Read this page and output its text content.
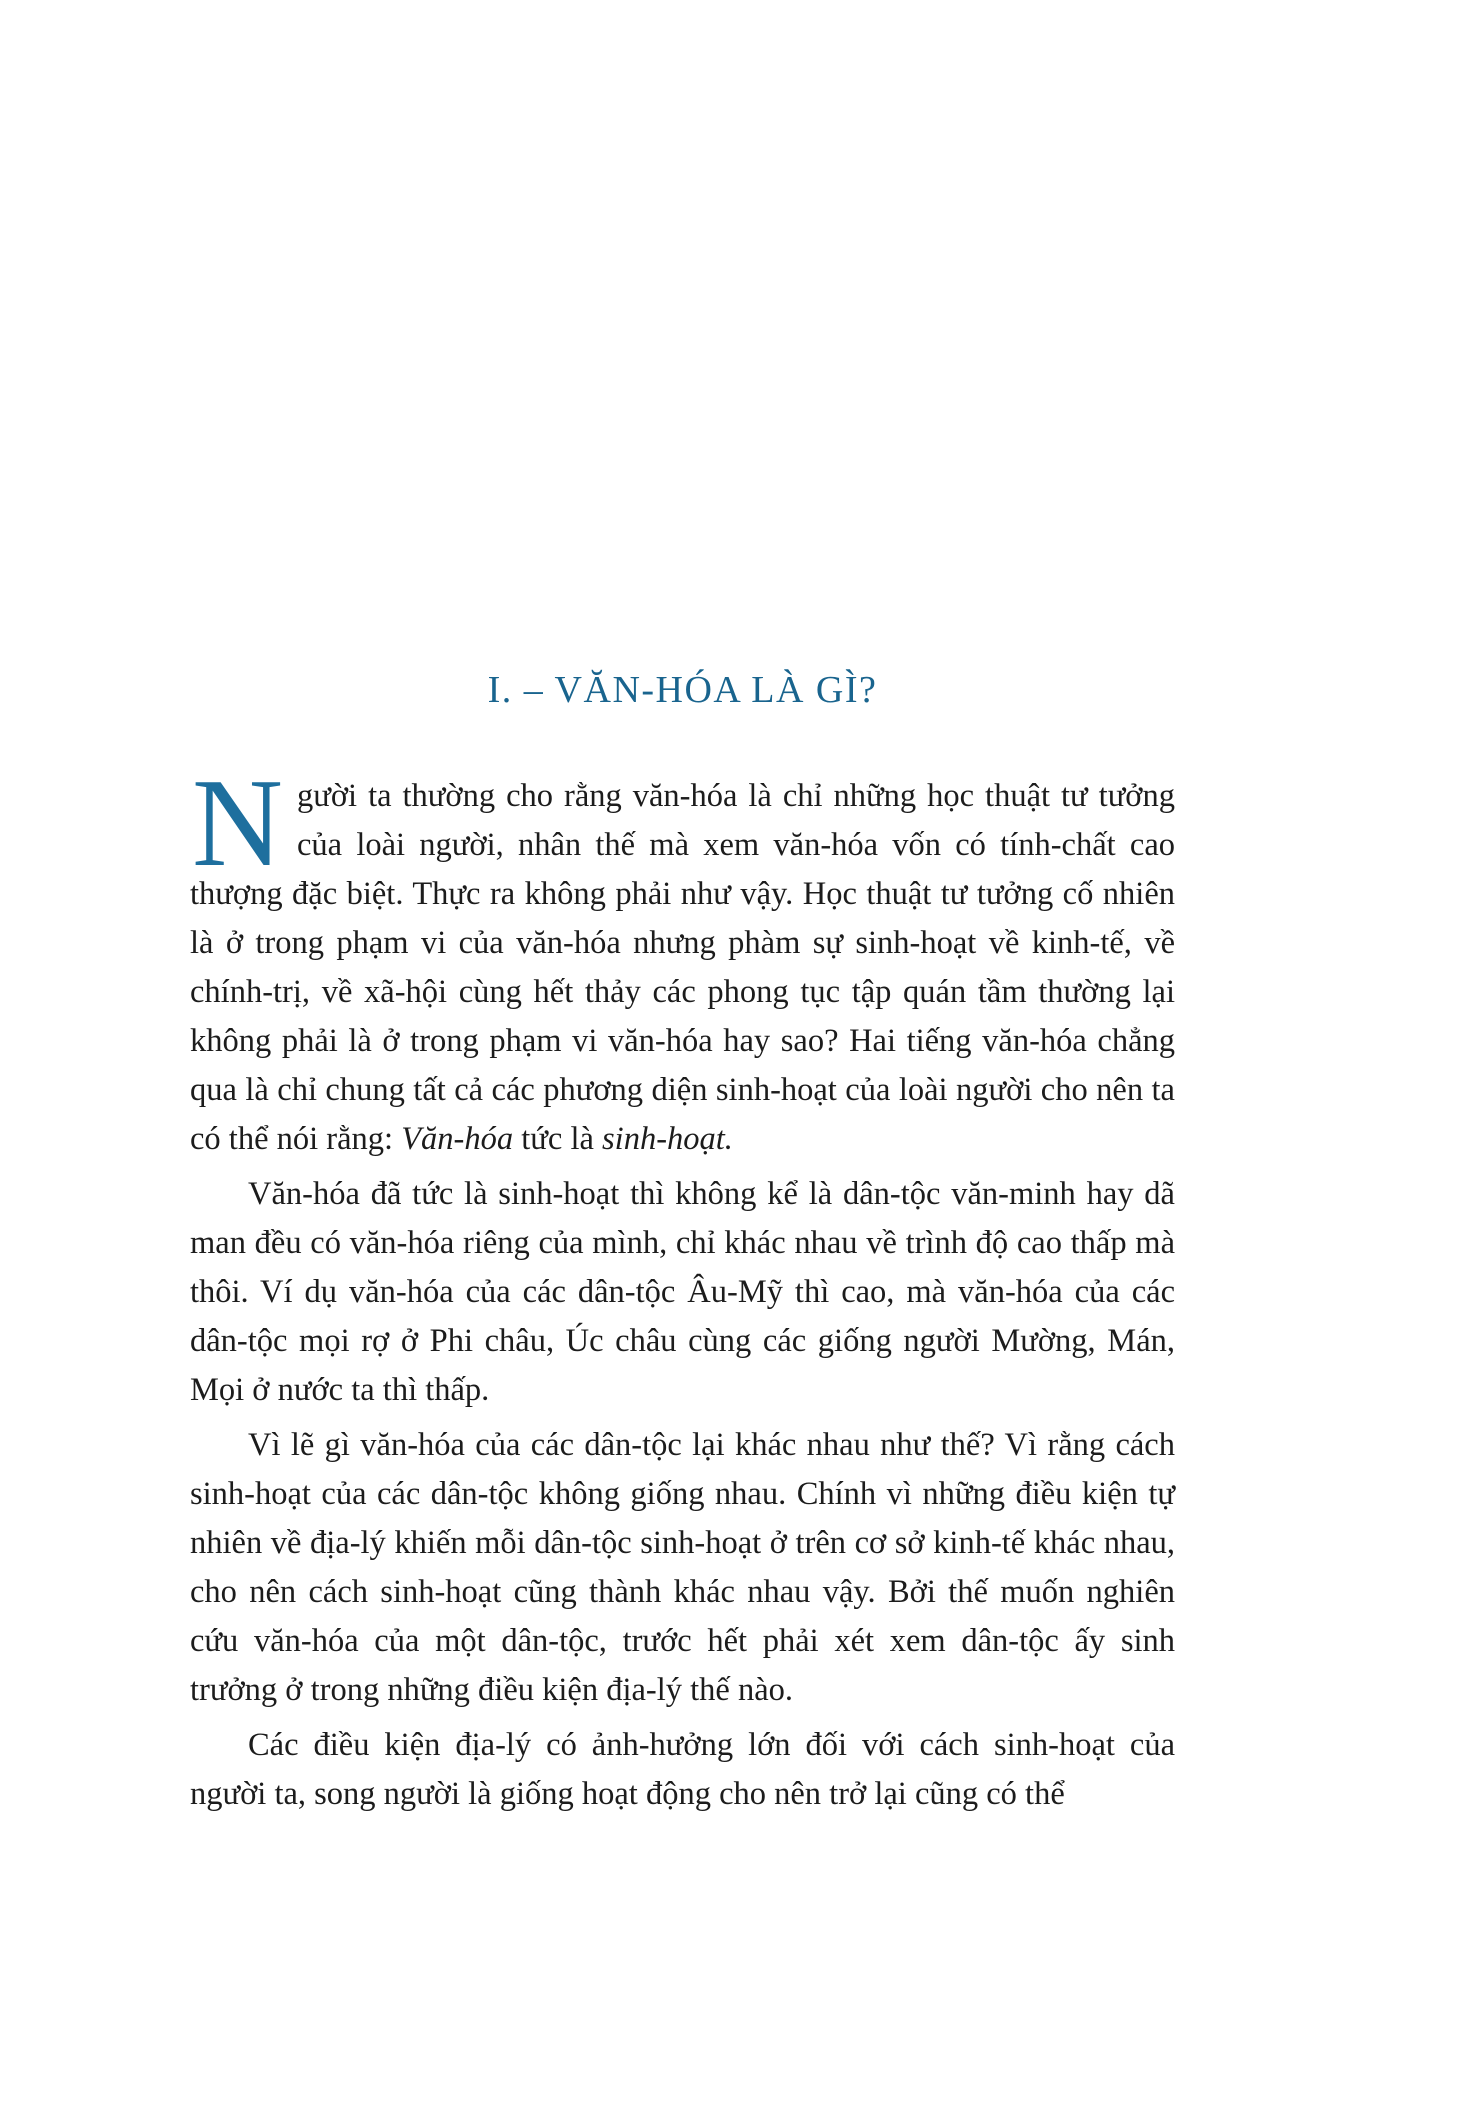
I. – VĂN-HÓA LÀ GÌ?

Người ta thường cho rằng văn-hóa là chỉ những học thuật tư tưởng của loài người, nhân thế mà xem văn-hóa vốn có tính-chất cao thượng đặc biệt. Thực ra không phải như vậy. Học thuật tư tưởng cố nhiên là ở trong phạm vi của văn-hóa nhưng phàm sự sinh-hoạt về kinh-tế, về chính-trị, về xã-hội cùng hết thảy các phong tục tập quán tầm thường lại không phải là ở trong phạm vi văn-hóa hay sao? Hai tiếng văn-hóa chẳng qua là chỉ chung tất cả các phương diện sinh-hoạt của loài người cho nên ta có thể nói rằng: Văn-hóa tức là sinh-hoạt.

Văn-hóa đã tức là sinh-hoạt thì không kể là dân-tộc văn-minh hay dã man đều có văn-hóa riêng của mình, chỉ khác nhau về trình độ cao thấp mà thôi. Ví dụ văn-hóa của các dân-tộc Âu-Mỹ thì cao, mà văn-hóa của các dân-tộc mọi rợ ở Phi châu, Úc châu cùng các giống người Mường, Mán, Mọi ở nước ta thì thấp.

Vì lẽ gì văn-hóa của các dân-tộc lại khác nhau như thế? Vì rằng cách sinh-hoạt của các dân-tộc không giống nhau. Chính vì những điều kiện tự nhiên về địa-lý khiến mỗi dân-tộc sinh-hoạt ở trên cơ sở kinh-tế khác nhau, cho nên cách sinh-hoạt cũng thành khác nhau vậy. Bởi thế muốn nghiên cứu văn-hóa của một dân-tộc, trước hết phải xét xem dân-tộc ấy sinh trưởng ở trong những điều kiện địa-lý thế nào.

Các điều kiện địa-lý có ảnh-hưởng lớn đối với cách sinh-hoạt của người ta, song người là giống hoạt động cho nên trở lại cũng có thể
